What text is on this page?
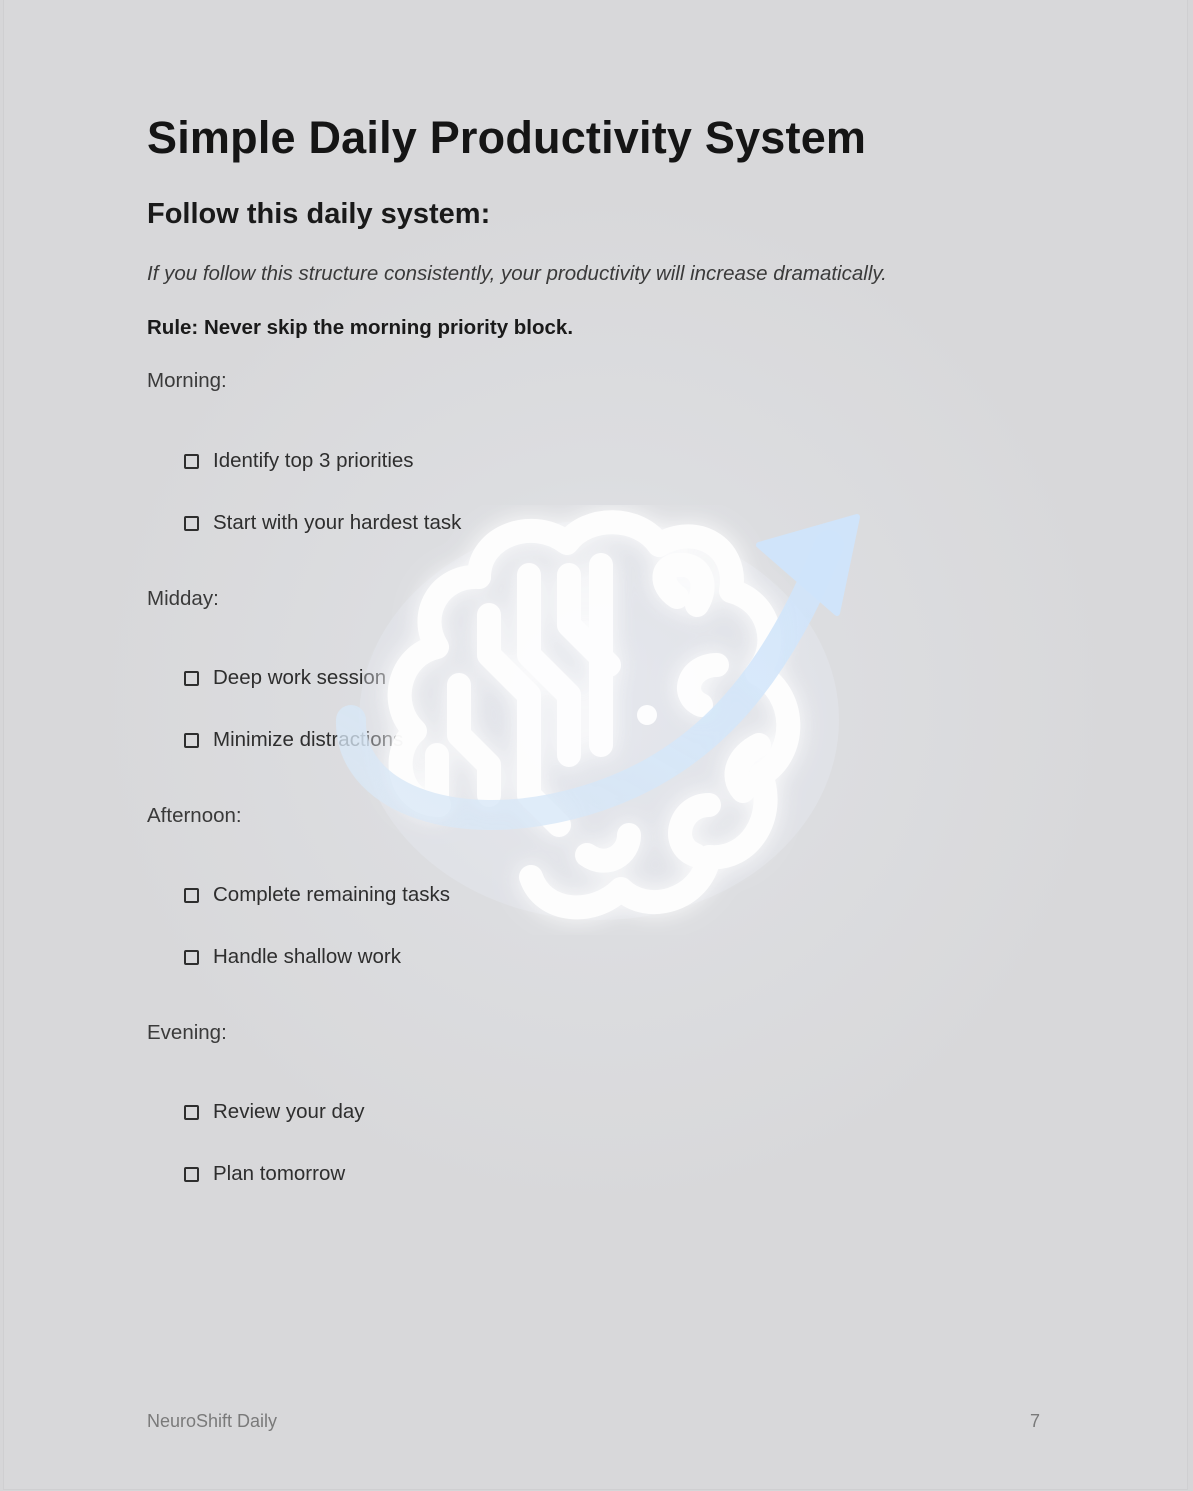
Simple Daily Productivity System
Follow this daily system:

If you follow this structure consistently, your productivity will increase dramatically.

Rule: Never skip the morning priority block.

Morning:

Identify top 3 priorities
Start with your hardest task

Midday:

Deep work session
Minimize distractions

Afternoon:

Complete remaining tasks
Handle shallow work

Evening:

Review your day
Plan tomorrow

NeuroShift Daily	7
